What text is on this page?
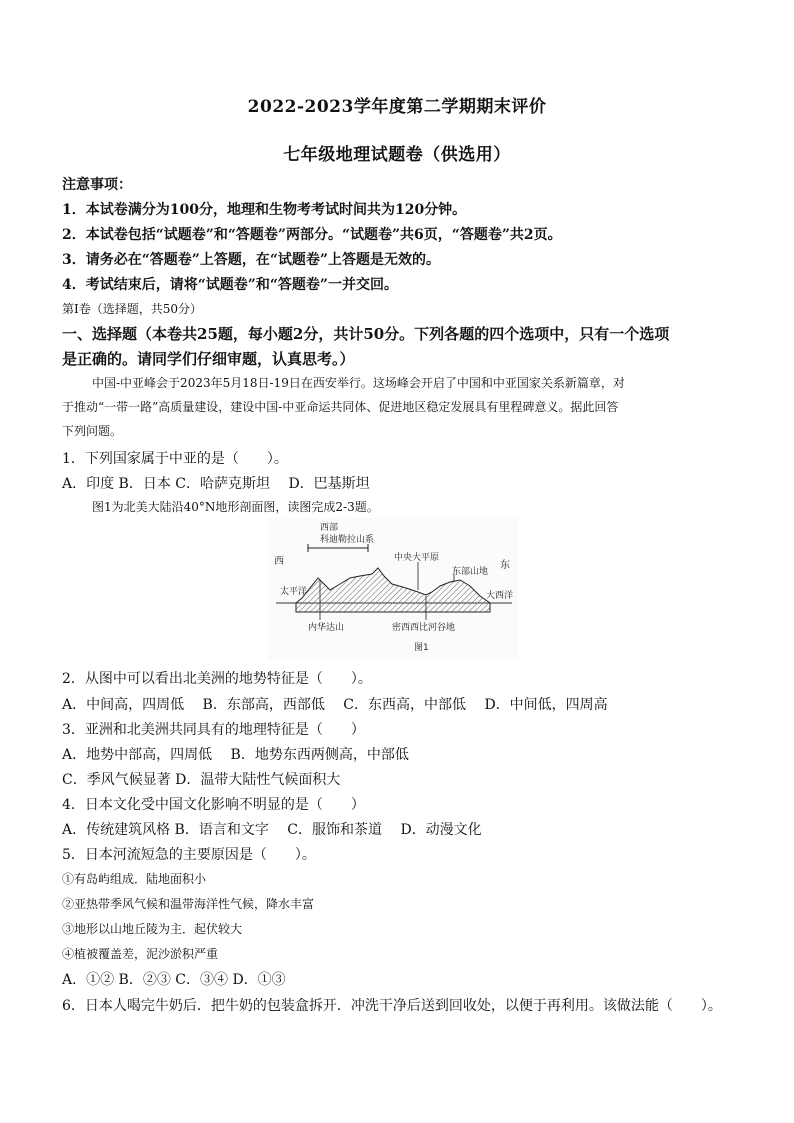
2022-2023学年度第二学期期末评价
七年级地理试题卷（供选用）
注意事项：
1．本试卷满分为100分，地理和生物考考试时间共为120分钟。
2．本试卷包括“试题卷”和“答题卷”两部分。“试题卷”共6页，“答题卷”共2页。
3．请务必在“答题卷”上答题，在“试题卷”上答题是无效的。
4．考试结束后，请将“试题卷”和“答题卷”一并交回。
第Ⅰ卷（选择题，共50分）
一、选择题（本卷共25题，每小题2分，共计50分。下列各题的四个选项中，只有一个选项
是正确的。请同学们仔细审题，认真思考。）
中国-中亚峰会于2023年5月18日-19日在西安举行。这场峰会开启了中国和中亚国家关系新篇章，对
于推动“一带一路”高质量建设，建设中国-中亚命运共同体、促进地区稳定发展具有里程碑意义。据此回答
下列问题。
1．下列国家属于中亚的是（　　）。
A．印度 B．日本 C．哈萨克斯坦　 D．巴基斯坦
图1为北美大陆沿40°N地形剖面图，读图完成2-3题。
西部
科迪勒拉山系
西	东
中央大平原
东部山地
太平洋	大西洋
内华达山	密西西比河谷地
图1
2．从图中可以看出北美洲的地势特征是（　　）。
A．中间高，四周低　 B．东部高，西部低　 C．东西高，中部低　 D．中间低，四周高
3．亚洲和北美洲共同具有的地理特征是（　　）
A．地势中部高，四周低　 B．地势东西两侧高，中部低
C．季风气候显著 D．温带大陆性气候面积大
4．日本文化受中国文化影响不明显的是（　　）
A．传统建筑风格 B．语言和文字　 C．服饰和茶道　 D．动漫文化
5．日本河流短急的主要原因是（　　）。
①有岛屿组成．陆地面积小
②亚热带季风气候和温带海洋性气候，降水丰富
③地形以山地丘陵为主．起伏较大
④植被覆盖差，泥沙淤积严重
A．①② B．②③ C．③④ D．①③
6．日本人喝完牛奶后．把牛奶的包装盒拆开．冲洗干净后送到回收处，以便于再利用。该做法能（　　）。
